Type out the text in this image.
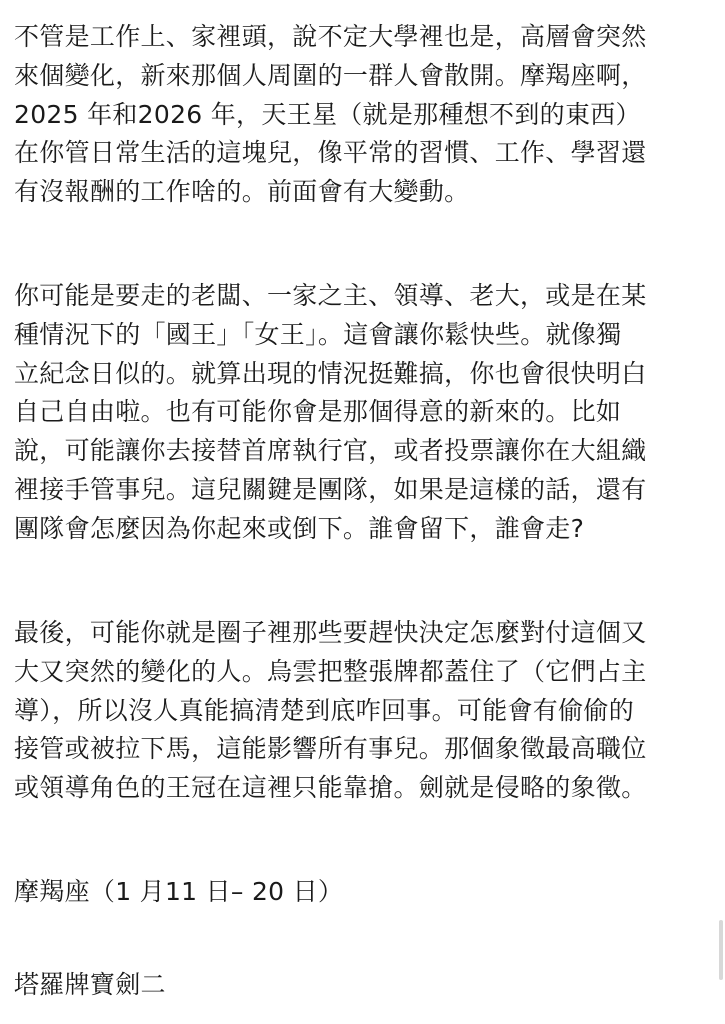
不管是工作上、家裡頭，說不定大學裡也是，高層會突然
來個變化，新來那個人周圍的一群人會散開。摩羯座啊，
2025 年和2026 年，天王星（就是那種想不到的東西）
在你管日常生活的這塊兒，像平常的習慣、工作、學習還
有沒報酬的工作啥的。前面會有大變動。

你可能是要走的老闆、一家之主、領導、老大，或是在某
種情況下的「國王」「女王」。這會讓你鬆快些。就像獨
立紀念日似的。就算出現的情況挺難搞，你也會很快明白
自己自由啦。也有可能你會是那個得意的新來的。比如
說，可能讓你去接替首席執行官，或者投票讓你在大組織
裡接手管事兒。這兒關鍵是團隊，如果是這樣的話，還有
團隊會怎麼因為你起來或倒下。誰會留下，誰會走?

最後，可能你就是圈子裡那些要趕快決定怎麼對付這個又
大又突然的變化的人。烏雲把整張牌都蓋住了（它們占主
導），所以沒人真能搞清楚到底咋回事。可能會有偷偷的
接管或被拉下馬，這能影響所有事兒。那個象徵最高職位
或領導角色的王冠在這裡只能靠搶。劍就是侵略的象徵。

摩羯座（1 月11 日– 20 日）

塔羅牌寶劍二
